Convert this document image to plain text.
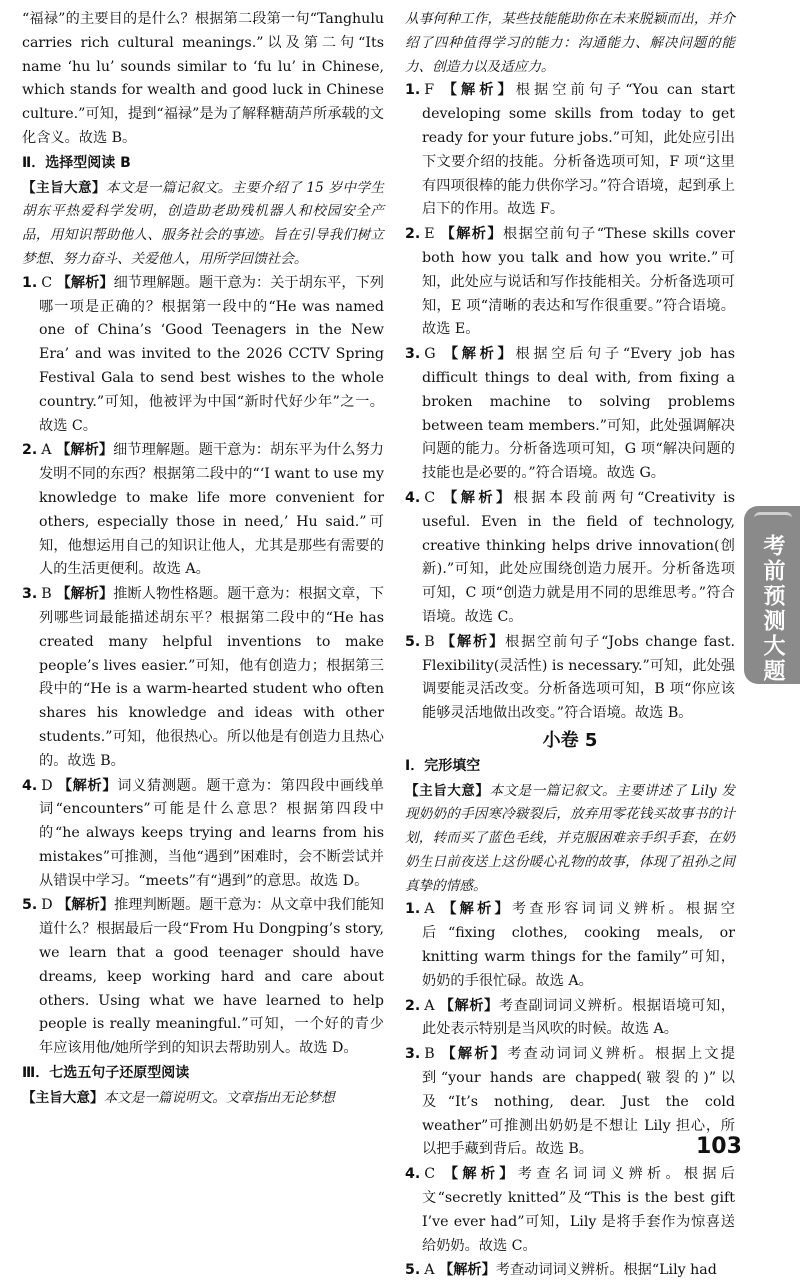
“福禄”的主要目的是什么？根据第二段第一句“Tanghulu carries rich cultural meanings.”以及第二句“Its name ‘hu lu’ sounds similar to ‘fu lu’ in Chinese, which stands for wealth and good luck in Chinese culture.”可知，提到“福禄”是为了解释糖葫芦所承载的文化含义。故选 B。

Ⅱ．选择型阅读 B

【主旨大意】本文是一篇记叙文。主要介绍了 15 岁中学生胡东平热爱科学发明，创造助老助残机器人和校园安全产品，用知识帮助他人、服务社会的事迹。旨在引导我们树立梦想、努力奋斗、关爱他人，用所学回馈社会。

1. C 【解析】细节理解题。题干意为：关于胡东平，下列哪一项是正确的？根据第一段中的“He was named one of China’s ‘Good Teenagers in the New Era’ and was invited to the 2026 CCTV Spring Festival Gala to send best wishes to the whole country.”可知，他被评为中国“新时代好少年”之一。故选 C。

2. A 【解析】细节理解题。题干意为：胡东平为什么努力发明不同的东西？根据第二段中的“‘I want to use my knowledge to make life more convenient for others, especially those in need,’ Hu said.”可知，他想运用自己的知识让他人，尤其是那些有需要的人的生活更便利。故选 A。

3. B 【解析】推断人物性格题。题干意为：根据文章，下列哪些词最能描述胡东平？根据第二段中的“He has created many helpful inventions to make people’s lives easier.”可知，他有创造力；根据第三段中的“He is a warm-hearted student who often shares his knowledge and ideas with other students.”可知，他很热心。所以他是有创造力且热心的。故选 B。

4. D 【解析】词义猜测题。题干意为：第四段中画线单词“encounters”可能是什么意思？根据第四段中的“he always keeps trying and learns from his mistakes”可推测，当他“遇到”困难时，会不断尝试并从错误中学习。“meets”有“遇到”的意思。故选 D。

5. D 【解析】推理判断题。题干意为：从文章中我们能知道什么？根据最后一段“From Hu Dongping’s story, we learn that a good teenager should have dreams, keep working hard and care about others. Using what we have learned to help people is really meaningful.”可知，一个好的青少年应该用他/她所学到的知识去帮助别人。故选 D。

Ⅲ．七选五句子还原型阅读

【主旨大意】本文是一篇说明文。文章指出无论梦想

从事何种工作，某些技能能助你在未来脱颖而出，并介绍了四种值得学习的能力：沟通能力、解决问题的能力、创造力以及适应力。

1. F 【解析】根据空前句子“You can start developing some skills from today to get ready for your future jobs.”可知，此处应引出下文要介绍的技能。分析备选项可知，F 项“这里有四项很棒的能力供你学习。”符合语境，起到承上启下的作用。故选 F。

2. E 【解析】根据空前句子“These skills cover both how you talk and how you write.”可知，此处应与说话和写作技能相关。分析备选项可知，E 项“清晰的表达和写作很重要。”符合语境。故选 E。

3. G 【解析】根据空后句子“Every job has difficult things to deal with, from fixing a broken machine to solving problems between team members.”可知，此处强调解决问题的能力。分析备选项可知，G 项“解决问题的技能也是必要的。”符合语境。故选 G。

4. C 【解析】根据本段前两句“Creativity is useful. Even in the field of technology, creative thinking helps drive innovation(创新).”可知，此处应围绕创造力展开。分析备选项可知，C 项“创造力就是用不同的思维思考。”符合语境。故选 C。

5. B 【解析】根据空前句子“Jobs change fast. Flexibility(灵活性) is necessary.”可知，此处强调要能灵活改变。分析备选项可知，B 项“你应该能够灵活地做出改变。”符合语境。故选 B。

小卷 5

Ⅰ．完形填空

【主旨大意】本文是一篇记叙文。主要讲述了 Lily 发现奶奶的手因寒冷皲裂后，放弃用零花钱买故事书的计划，转而买了蓝色毛线，并克服困难亲手织手套，在奶奶生日前夜送上这份暖心礼物的故事，体现了祖孙之间真挚的情感。

1. A 【解析】考查形容词词义辨析。根据空后“fixing clothes, cooking meals, or knitting warm things for the family”可知，奶奶的手很忙碌。故选 A。

2. A 【解析】考查副词词义辨析。根据语境可知，此处表示特别是当风吹的时候。故选 A。

3. B 【解析】考查动词词义辨析。根据上文提到“your hands are chapped(皲裂的)”以及“It’s nothing, dear. Just the cold weather”可推测出奶奶是不想让 Lily 担心，所以把手藏到背后。故选 B。

4. C 【解析】考查名词词义辨析。根据后文“secretly knitted”及“This is the best gift I’ve ever had”可知，Lily 是将手套作为惊喜送给奶奶。故选 C。

5. A 【解析】考查动词词义辨析。根据“Lily had

考前预测大题
103
